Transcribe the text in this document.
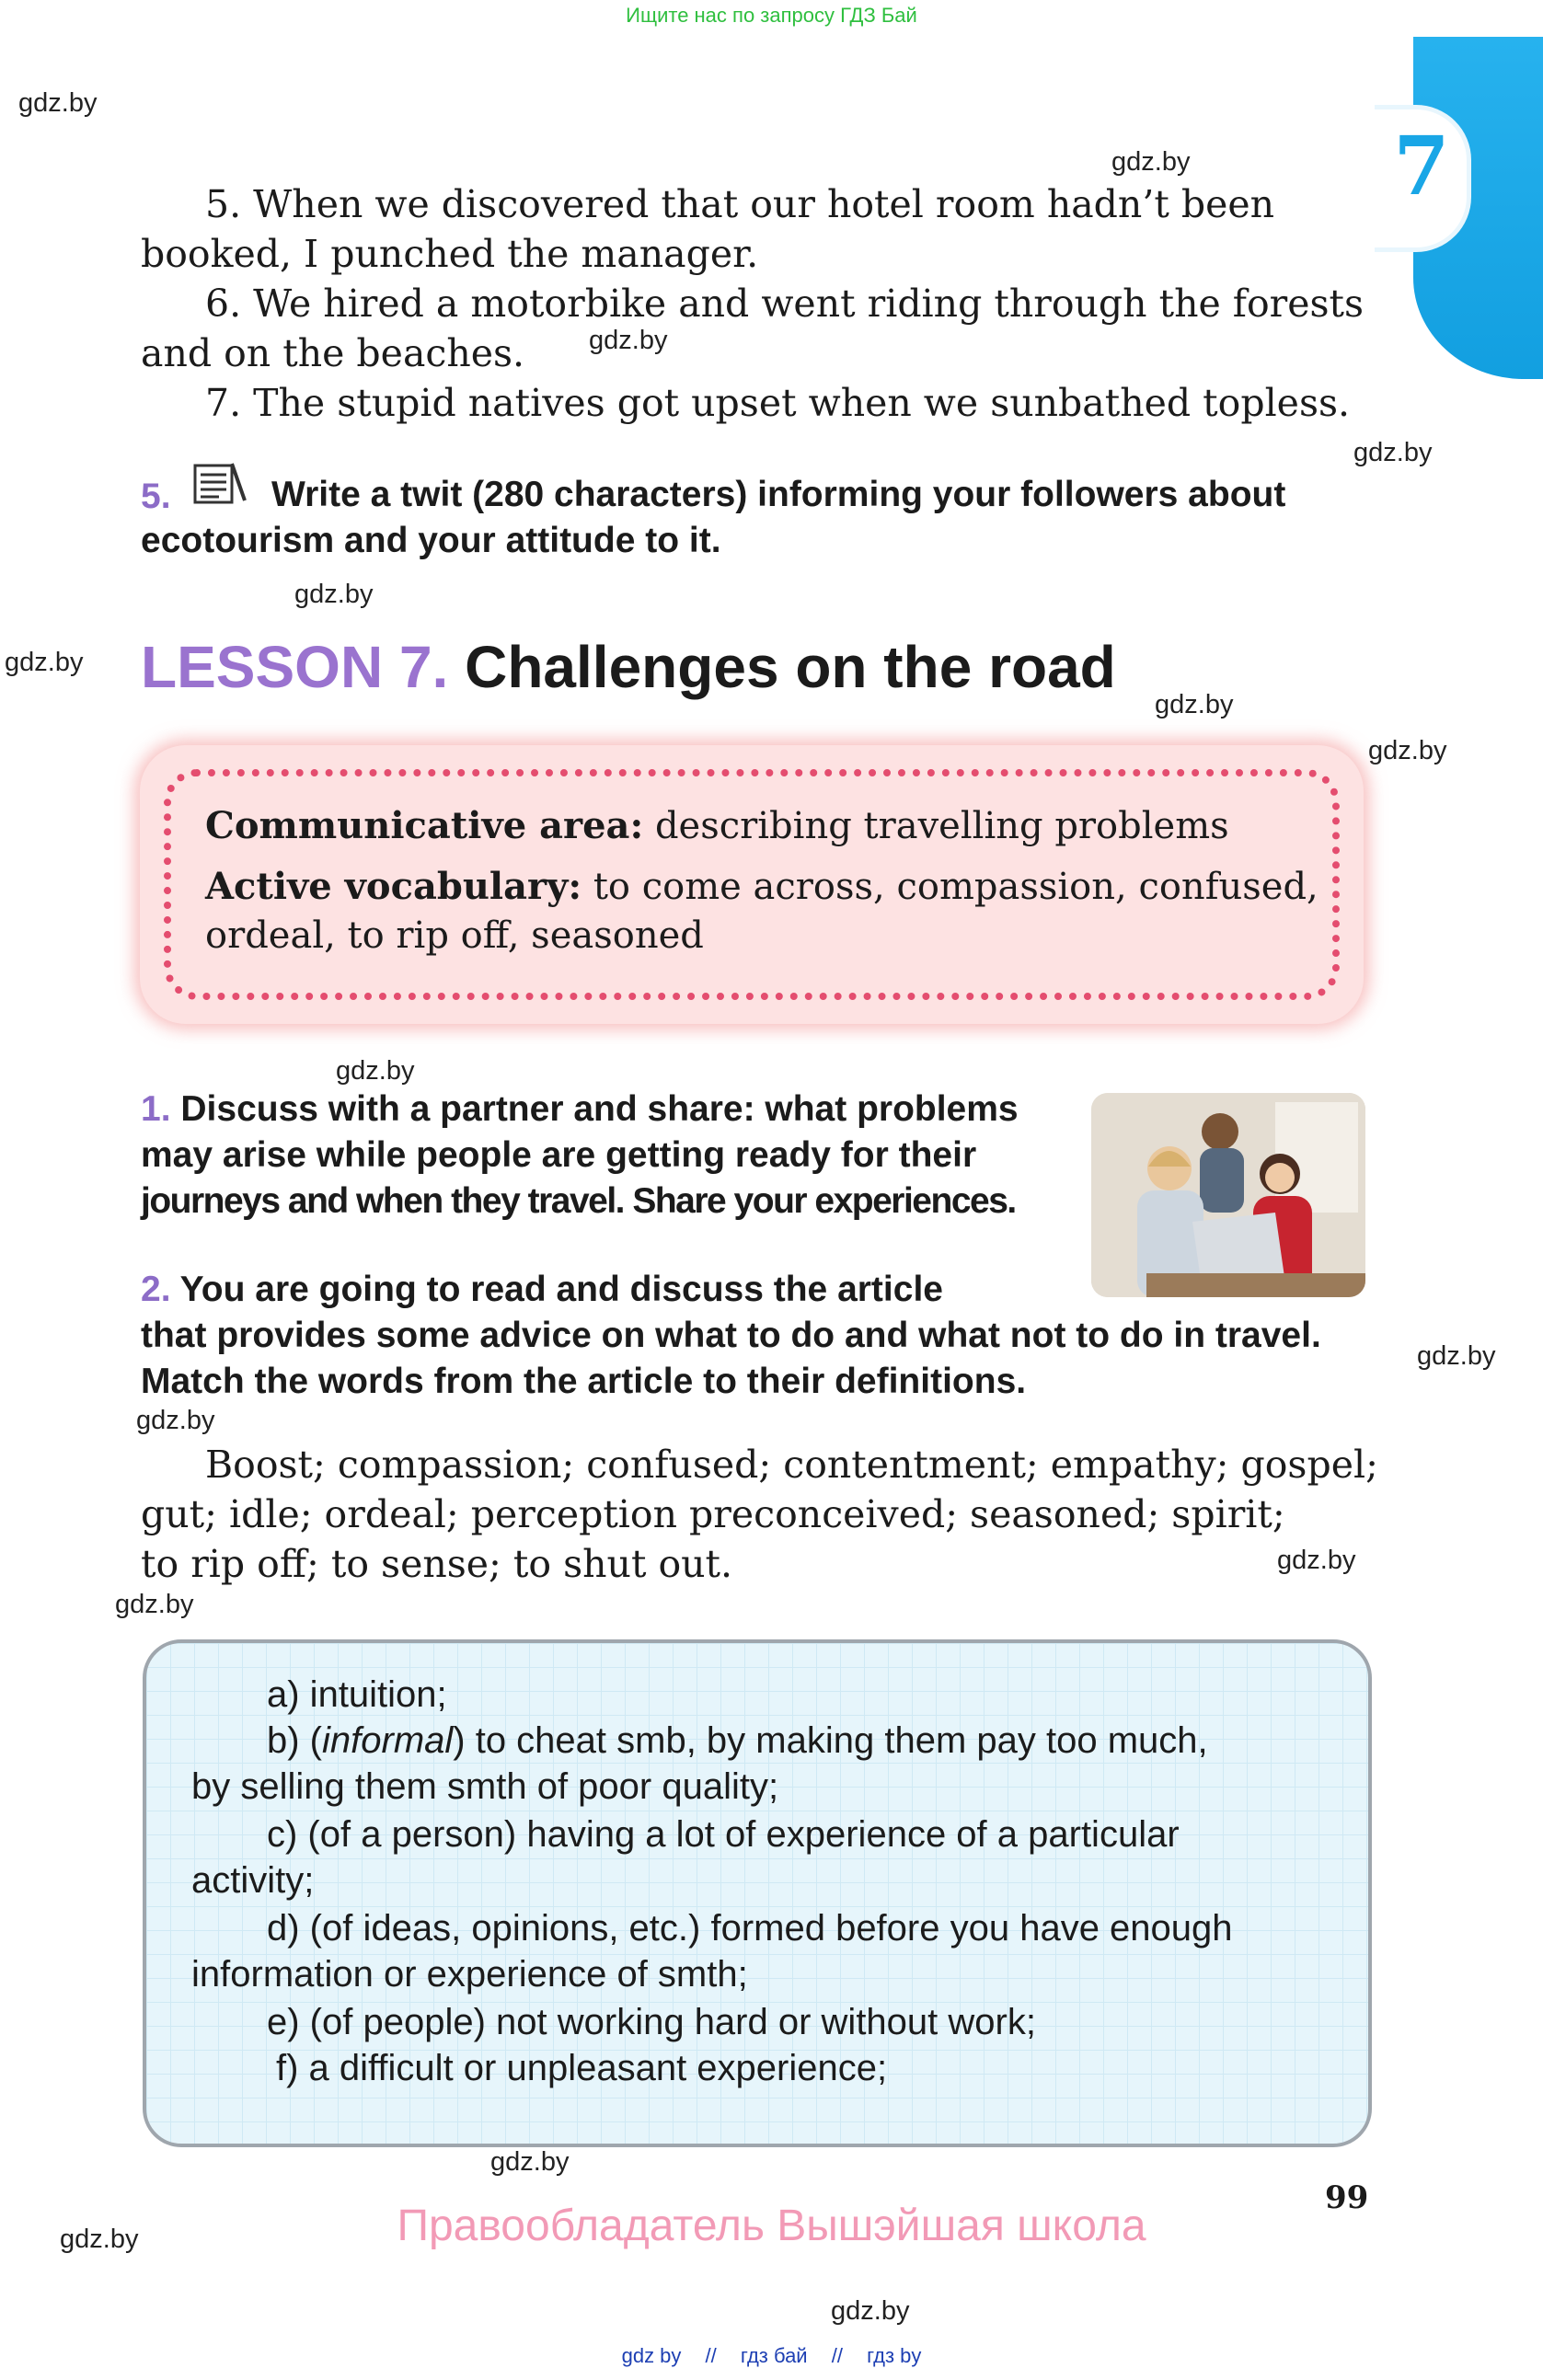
Ищите нас по запросу ГДЗ Бай
7
gdz.by
gdz.by
gdz.by
gdz.by
gdz.by
gdz.by
gdz.by
gdz.by
gdz.by
gdz.by
gdz.by
gdz.by
gdz.by
gdz.by
gdz.by
gdz.by
5. When we discovered that our hotel room hadn’t been
booked, I punched the manager.
6. We hired a motorbike and went riding through the forests
and on the beaches.
7. The stupid natives got upset when we sunbathed topless.
5.	Write a twit (280 characters) informing your followers about
ecotourism and your attitude to it.
LESSON 7. Challenges on the road
Communicative area: describing travelling problems
Active vocabulary: to come across, compassion, confused,
ordeal, to rip off, seasoned
1. Discuss with a partner and share: what problems
may arise while people are getting ready for their
journeys and when they travel. Share your experiences.
2. You are going to read and discuss the article
that provides some advice on what to do and what not to do in travel.
Match the words from the article to their definitions.
Boost; compassion; confused; contentment; empathy; gospel;
gut; idle; ordeal; perception preconceived; seasoned; spirit;
to rip off; to sense; to shut out.
a) intuition;
b) (informal) to cheat smb, by making them pay too much,
by selling them smth of poor quality;
c) (of a person) having a lot of experience of a particular
activity;
d) (of ideas, opinions, etc.) formed before you have enough
information or experience of smth;
e) (of people) not working hard or without work;
f) a difficult or unpleasant experience;
99
Правообладатель Вышэйшая школа
gdz by // гдз бай // гдз by
